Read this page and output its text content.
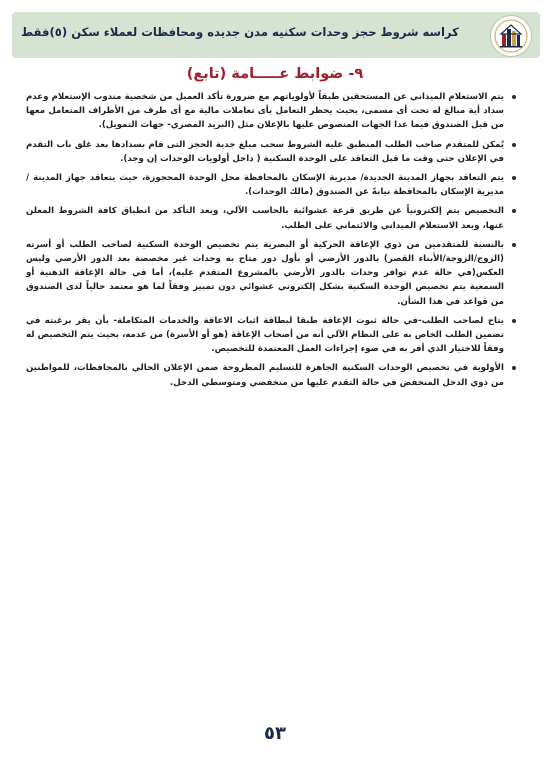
كراسه شروط حجز وحدات سكنيه مدن جديده ومحافظات لعملاء سكن (٥)فقط
٩- ضوابط عـــــامة (تابع)
يتم الاستعلام الميداني عن المستحقين طبقاً لأولوياتهم مع ضرورة تأكد العميل من شخصية مندوب الإستعلام وعدم سداد أية مبالغ له تحت أى مسمى، بحيث يحظر التعامل بأى تعاملات مالية مع أى طرف من الأطراف المتعامل معها من قبل الصندوق فيما عدا الجهات المنصوص عليها بالإعلان مثل (البريد المصري- جهات التمويل).
يُمكن للمتقدم صاحب الطلب المنطبق عليه الشروط سحب مبلغ جدية الحجز التى قام بسدادها بعد غلق باب التقدم في الإعلان حتى وقت ما قبل التعاقد على الوحدة السكنية ( داخل أولويات الوحدات إن وجد).
يتم التعاقد بجهاز المدينة الجديدة/ مديرية الإسكان بالمحافظة محل الوحدة المحجوزة، حيث يتعاقد جهاز المدينة / مديرية الإسكان بالمحافظة نيابةً عن الصندوق (مالك الوحدات).
التخصيص يتم إلكترونياً عن طريق قرعة عشوائية بالحاسب الآلي، وبعد التأكد من انطباق كافة الشروط المعلن عنها، وبعد الاستعلام الميداني والائتماني على الطلب.
بالنسبة للمتقدمين من ذوي الإعاقة الحركية أو البصرية يتم تخصيص الوحدة السكنية لصاحب الطلب أو أسرته (الزوج/الزوجة/الأبناء القصر) بالدور الأرضي أو بأول دور متاح به وحدات غير مخصصة بعد الدور الأرضي وليس العكس(في حالة عدم توافر وحدات بالدور الأرضي بالمشروع المتقدم عليه)، أما في حالة الإعاقة الذهنية أو السمعية يتم تخصيص الوحدة السكنية بشكل إلكتروني عشوائي دون تمييز وفقاً لما هو معتمد حالياً لدى الصندوق من قواعد في هذا الشأن.
يتاح لصاحب الطلب-في حالة ثبوت الإعاقة طبقا لبطاقة اثبات الاعاقة والخدمات المتكاملة- بأن يقر برغبته في تضمين الطلب الخاص به على النظام الآلي أنه من أصحاب الإعاقة (هو أو الأسرة) من عدمه، بحيث يتم التخصيص له وفقاً للاختيار الذي أقر به في ضوء إجراءات العمل المعتمدة للتخصيص.
الأولوية في تخصيص الوحدات السكنية الجاهزة للتسليم المطروحة ضمن الإعلان الحالي بالمحافظات، للمواطنين من ذوي الدخل المنخفض في حالة التقدم عليها من منخفضي ومتوسطي الدخل.
٥٣
